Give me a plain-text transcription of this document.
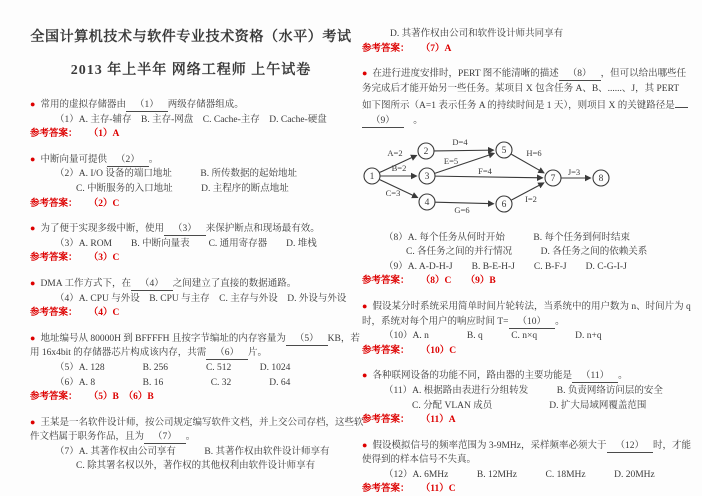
全国计算机技术与软件专业技术资格（水平）考试
2013 年上半年 网络工程师 上午试卷
● 常用的虚拟存储器由 （1） 两级存储器组成。
（1）A. 主存-辅存　B. 主存-网盘　C. Cache-主存　D. Cache-硬盘
参考答案： （1）A
● 中断向量可提供 （2） 。
（2）A. I/O 设备的端口地址　　　B. 所传数据的起始地址
C. 中断服务的入口地址　　　D. 主程序的断点地址
参考答案： （2）C
● 为了便于实现多级中断，使用 （3） 来保护断点和现场最有效。
（3）A. ROM　　B. 中断向量表　　C. 通用寄存器　　D. 堆栈
参考答案： （3）C
● DMA 工作方式下，在 （4） 之间建立了直接的数据通路。
（4）A. CPU 与外设　B. CPU 与主存　C. 主存与外设　D. 外设与外设
参考答案： （4）C
● 地址编号从 80000H 到 BFFFFH 且按字节编址的内存容量为 （5） KB，若
用 16x4bit 的存储器芯片构成该内存，共需 （6） 片。
（5）A. 128　　　　B. 256　　　　C. 512　　　D. 1024
（6）A. 8　　　　　B. 16　　　　　C. 32　　　　D. 64
参考答案： （5）B　（6）B
● 王某是一名软件设计师，按公司规定编写软件文档，并上交公司存档，这些软
件文档属于职务作品，且为 （7） 。
（7）A. 其著作权由公司享有　　　B. 其著作权由软件设计师享有
C. 除其署名权以外，著作权的其他权利由软件设计师享有
D. 其著作权由公司和软件设计师共同享有
参考答案： （7）A
● 在进行进度安排时，PERT 图不能清晰的描述 （8） ，但可以给出哪些任
务完成后才能开始另一些任务。某项目 X 包含任务 A、B、......、J，其 PERT
如下图所示（A=1 表示任务 A 的持续时间是 1 天），则项目 X 的关键路径是
（9）　。
A=2
B=2
C=3
D=4
E=5
F=4
G=6
H=6
I=2
J=3
1
2
3
4
5
6
7	8
（8）A. 每个任务从何时开始　　　B. 每个任务到何时结束
C. 各任务之间的并行情况　　　D. 各任务之间的依赖关系
（9）A. A-D-H-J　　B. B-E-H-J　　C. B-F-J　　D. C-G-I-J
参考答案： （8）C　　（9）B
● 假设某分时系统采用简单时间片轮转法，当系统中的用户数为 n、时间片为 q
时，系统对每个用户的响应时间 T= （10） 。
（10）A. n　　　　B. q　　　C. n×q　　　　D. n+q
参考答案： （10）C
● 各种联网设备的功能不同，路由器的主要功能是 （11） 。
（11）A. 根据路由表进行分组转发　　　B. 负责网络访问层的安全
C. 分配 VLAN 成员　　　　　　D. 扩大局域网覆盖范围
参考答案： （11）A
● 假设模拟信号的频率范围为 3-9MHz，采样频率必须大于 （12） 时，才能
使得到的样本信号不失真。
（12）A. 6MHz　　　B. 12MHz　　　C. 18MHz　　　D. 20MHz
参考答案： （11）C
